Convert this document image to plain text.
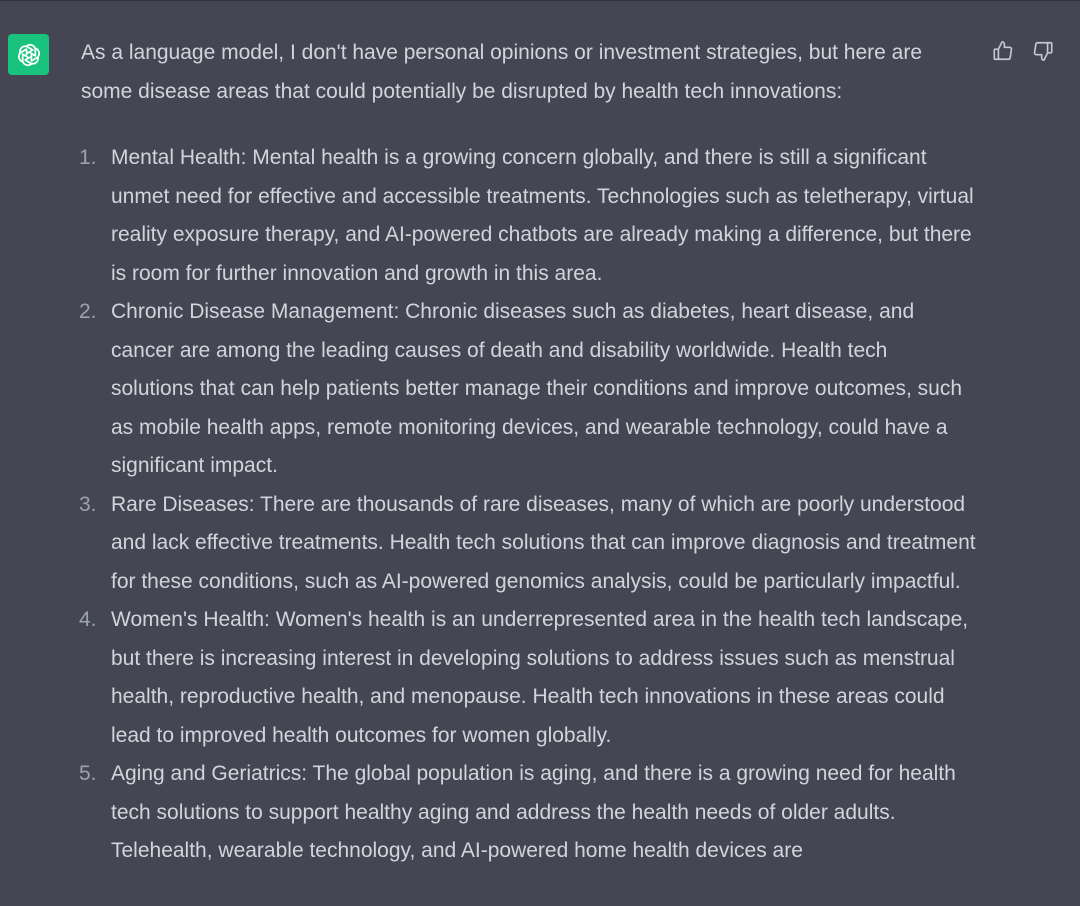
As a language model, I don't have personal opinions or investment strategies, but here are some disease areas that could potentially be disrupted by health tech innovations:

1. Mental Health: Mental health is a growing concern globally, and there is still a significant unmet need for effective and accessible treatments. Technologies such as teletherapy, virtual reality exposure therapy, and AI-powered chatbots are already making a difference, but there is room for further innovation and growth in this area.
2. Chronic Disease Management: Chronic diseases such as diabetes, heart disease, and cancer are among the leading causes of death and disability worldwide. Health tech solutions that can help patients better manage their conditions and improve outcomes, such as mobile health apps, remote monitoring devices, and wearable technology, could have a significant impact.
3. Rare Diseases: There are thousands of rare diseases, many of which are poorly understood and lack effective treatments. Health tech solutions that can improve diagnosis and treatment for these conditions, such as AI-powered genomics analysis, could be particularly impactful.
4. Women's Health: Women's health is an underrepresented area in the health tech landscape, but there is increasing interest in developing solutions to address issues such as menstrual health, reproductive health, and menopause. Health tech innovations in these areas could lead to improved health outcomes for women globally.
5. Aging and Geriatrics: The global population is aging, and there is a growing need for health tech solutions to support healthy aging and address the health needs of older adults. Telehealth, wearable technology, and AI-powered home health devices are
